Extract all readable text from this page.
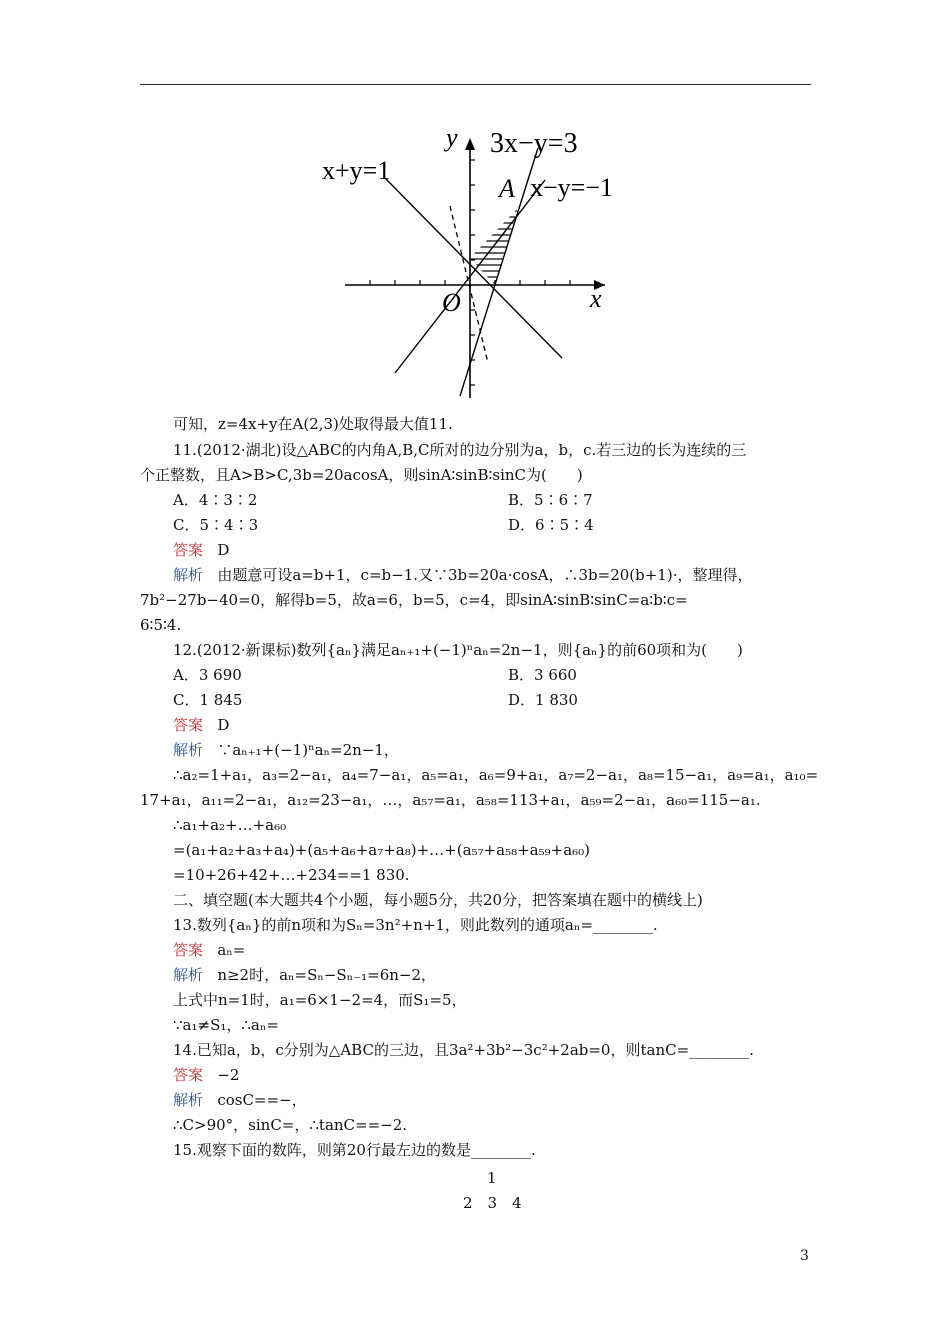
x+y=1
3x−y=3
x−y=−1
A
y
x
O
可知，z=4x+y在A(2,3)处取得最大值11.
11.(2012·湖北)设△ABC的内角A,B,C所对的边分别为a，b，c.若三边的长为连续的三
个正整数，且A>B>C,3b=20acosA，则sinA∶sinB∶sinC为(　　)
A．4∶3∶2	B．5∶6∶7
C．5∶4∶3	D．6∶5∶4
答案 D
解析 由题意可设a=b+1，c=b−1.又∵3b=20a·cosA，∴3b=20(b+1)·，整理得，
7b²−27b−40=0，解得b=5，故a=6，b=5，c=4，即sinA∶sinB∶sinC=a∶b∶c=
6∶5∶4.
12.(2012·新课标)数列{aₙ}满足aₙ₊₁+(−1)ⁿaₙ=2n−1，则{aₙ}的前60项和为(　　)
A．3 690	B．3 660
C．1 845	D．1 830
答案 D
解析 ∵aₙ₊₁+(−1)ⁿaₙ=2n−1，
∴a₂=1+a₁，a₃=2−a₁，a₄=7−a₁，a₅=a₁，a₆=9+a₁，a₇=2−a₁，a₈=15−a₁，a₉=a₁，a₁₀=
17+a₁，a₁₁=2−a₁，a₁₂=23−a₁，…，a₅₇=a₁，a₅₈=113+a₁，a₅₉=2−a₁，a₆₀=115−a₁.
∴a₁+a₂+…+a₆₀
=(a₁+a₂+a₃+a₄)+(a₅+a₆+a₇+a₈)+…+(a₅₇+a₅₈+a₅₉+a₆₀)
=10+26+42+…+234==1 830.
二、填空题(本大题共4个小题，每小题5分，共20分，把答案填在题中的横线上)
13.数列{aₙ}的前n项和为Sₙ=3n²+n+1，则此数列的通项aₙ=________.
答案 aₙ=
解析 n≥2时，aₙ=Sₙ−Sₙ₋₁=6n−2，
上式中n=1时，a₁=6×1−2=4，而S₁=5，
∵a₁≠S₁，∴aₙ=
14.已知a，b，c分别为△ABC的三边，且3a²+3b²−3c²+2ab=0，则tanC=________.
答案 −2
解析 cosC==−，
∴C>90°，sinC=，∴tanC==−2.
15.观察下面的数阵，则第20行最左边的数是________.
1
2　3　4
3
